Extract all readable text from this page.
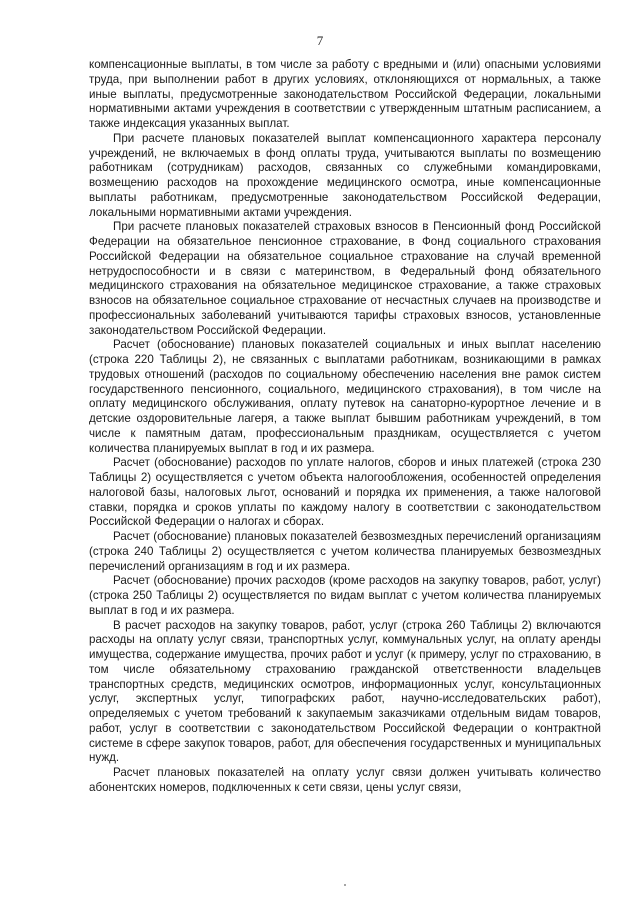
7

компенсационные выплаты, в том числе за работу с вредными и (или) опасными условиями труда, при выполнении работ в других условиях, отклоняющихся от нормальных, а также иные выплаты, предусмотренные законодательством Российской Федерации, локальными нормативными актами учреждения в соответствии с утвержденным штатным расписанием, а также индексация указанных выплат.

При расчете плановых показателей выплат компенсационного характера персоналу учреждений, не включаемых в фонд оплаты труда, учитываются выплаты по возмещению работникам (сотрудникам) расходов, связанных со служебными командировками, возмещению расходов на прохождение медицинского осмотра, иные компенсационные выплаты работникам, предусмотренные законодательством Российской Федерации, локальными нормативными актами учреждения.

При расчете плановых показателей страховых взносов в Пенсионный фонд Российской Федерации на обязательное пенсионное страхование, в Фонд социального страхования Российской Федерации на обязательное социальное страхование на случай временной нетрудоспособности и в связи с материнством, в Федеральный фонд обязательного медицинского страхования на обязательное медицинское страхование, а также страховых взносов на обязательное социальное страхование от несчастных случаев на производстве и профессиональных заболеваний учитываются тарифы страховых взносов, установленные законодательством Российской Федерации.

Расчет (обоснование) плановых показателей социальных и иных выплат населению (строка 220 Таблицы 2), не связанных с выплатами работникам, возникающими в рамках трудовых отношений (расходов по социальному обеспечению населения вне рамок систем государственного пенсионного, социального, медицинского страхования), в том числе на оплату медицинского обслуживания, оплату путевок на санаторно-курортное лечение и в детские оздоровительные лагеря, а также выплат бывшим работникам учреждений, в том числе к памятным датам, профессиональным праздникам, осуществляется с учетом количества планируемых выплат в год и их размера.

Расчет (обоснование) расходов по уплате налогов, сборов и иных платежей (строка 230 Таблицы 2) осуществляется с учетом объекта налогообложения, особенностей определения налоговой базы, налоговых льгот, оснований и порядка их применения, а также налоговой ставки, порядка и сроков уплаты по каждому налогу в соответствии с законодательством Российской Федерации о налогах и сборах.

Расчет (обоснование) плановых показателей безвозмездных перечислений организациям (строка 240 Таблицы 2) осуществляется с учетом количества планируемых безвозмездных перечислений организациям в год и их размера.

Расчет (обоснование) прочих расходов (кроме расходов на закупку товаров, работ, услуг) (строка 250 Таблицы 2) осуществляется по видам выплат с учетом количества планируемых выплат в год и их размера.

В расчет расходов на закупку товаров, работ, услуг (строка 260 Таблицы 2) включаются расходы на оплату услуг связи, транспортных услуг, коммунальных услуг, на оплату аренды имущества, содержание имущества, прочих работ и услуг (к примеру, услуг по страхованию, в том числе обязательному страхованию гражданской ответственности владельцев транспортных средств, медицинских осмотров, информационных услуг, консультационных услуг, экспертных услуг, типографских работ, научно-исследовательских работ), определяемых с учетом требований к закупаемым заказчиками отдельным видам товаров, работ, услуг в соответствии с законодательством Российской Федерации о контрактной системе в сфере закупок товаров, работ, для обеспечения государственных и муниципальных нужд.

Расчет плановых показателей на оплату услуг связи должен учитывать количество абонентских номеров, подключенных к сети связи, цены услуг связи,
